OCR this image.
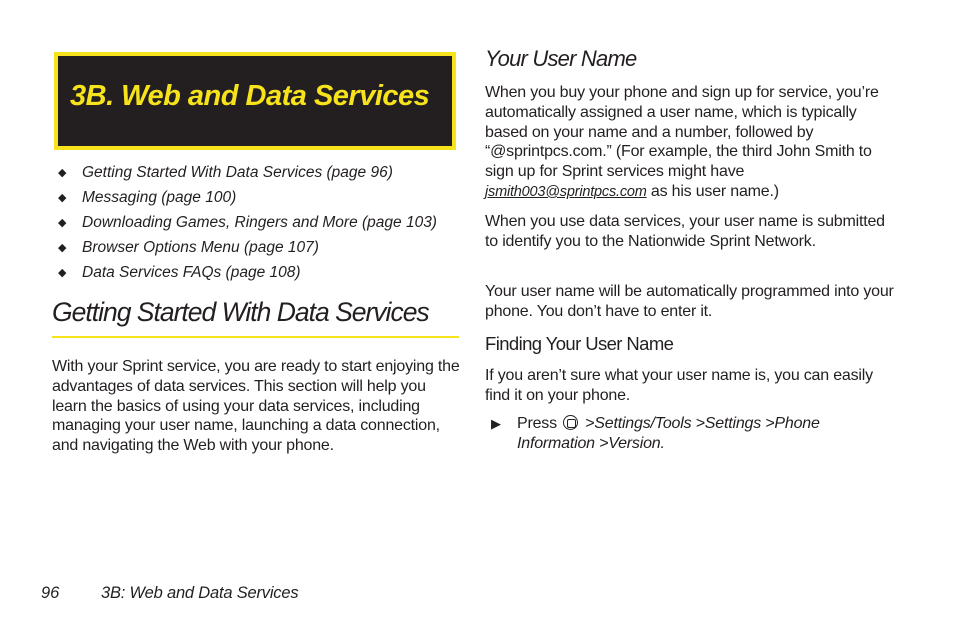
3B. Web and Data Services
◆	Getting Started With Data Services (page 96)
◆	Messaging (page 100)
◆	Downloading Games, Ringers and More (page 103)
◆	Browser Options Menu (page 107)
◆	Data Services FAQs (page 108)
Getting Started With Data Services

With your Sprint service, you are ready to start enjoying the advantages of data services. This section will help you learn the basics of using your data services, including managing your user name, launching a data connection, and navigating the Web with your phone.

Your User Name

When you buy your phone and sign up for service, you’re automatically assigned a user name, which is typically based on your name and a number, followed by “@sprintpcs.com.” (For example, the third John Smith to sign up for Sprint services might have jsmith003@sprintpcs.com as his user name.)

When you use data services, your user name is submitted to identify you to the Nationwide Sprint Network.

Your user name will be automatically programmed into your phone. You don’t have to enter it.

Finding Your User Name

If you aren’t sure what your user name is, you can easily find it on your phone.

▶	Press >Settings/Tools >Settings >Phone Information >Version.
96	3B: Web and Data Services
